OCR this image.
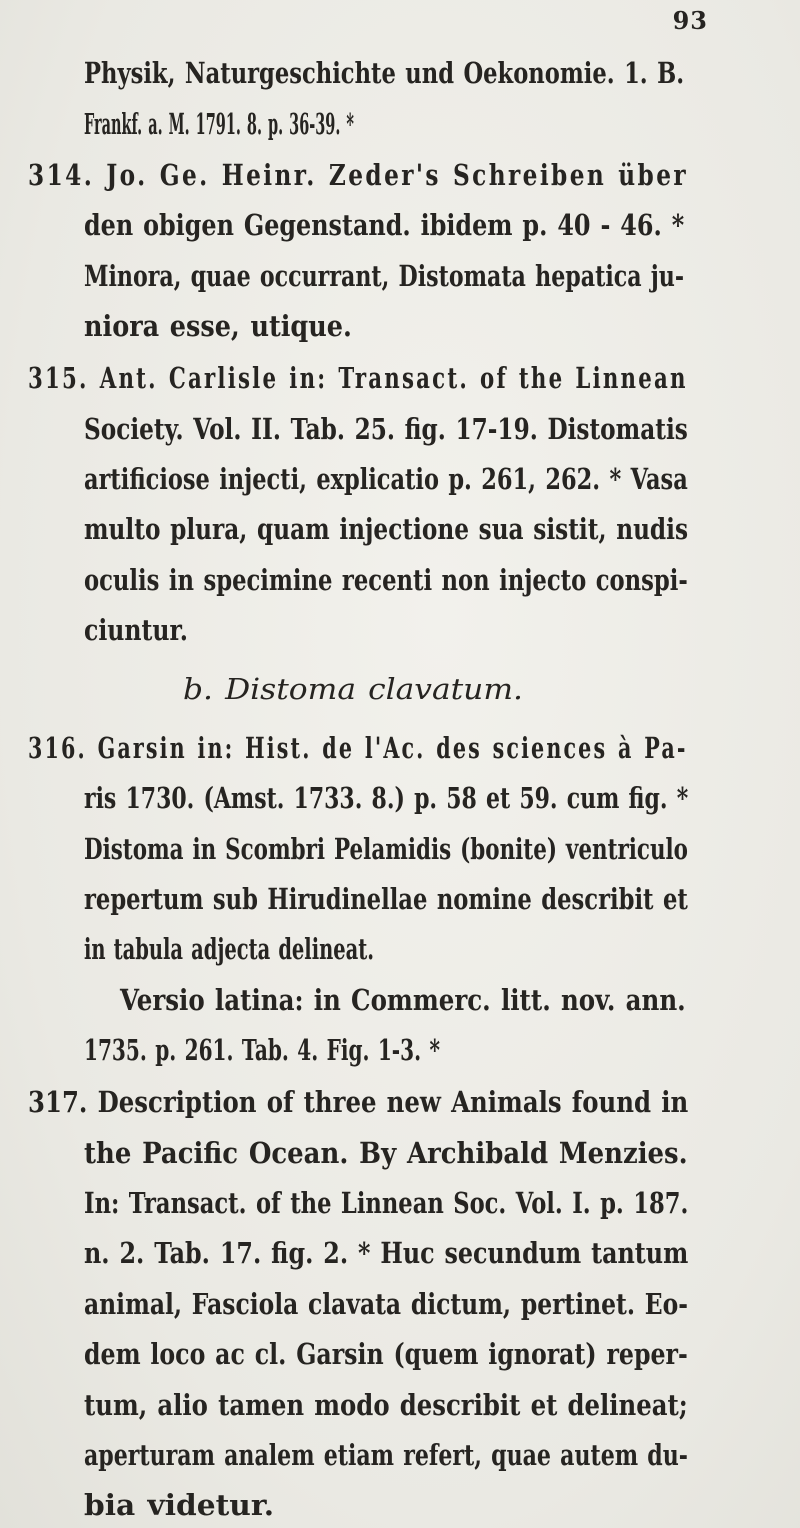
93
Physik, Naturgeschichte und Oekonomie. 1. B.
Frankf. a. M. 1791. 8. p. 36-39. *
314. Jo. Ge. Heinr. Zeder's Schreiben über
den obigen Gegenstand. ibidem p. 40 - 46. *
Minora, quae occurrant, Distomata hepatica ju-
niora esse, utique.
315. Ant. Carlisle in: Transact. of the Linnean
Society. Vol. II. Tab. 25. fig. 17-19. Distomatis
artificiose injecti, explicatio p. 261, 262. * Vasa
multo plura, quam injectione sua sistit, nudis
oculis in specimine recenti non injecto conspi-
ciuntur.
b. Distoma clavatum.
316. Garsin in: Hist. de l'Ac. des sciences à Pa-
ris 1730. (Amst. 1733. 8.) p. 58 et 59. cum fig. *
Distoma in Scombri Pelamidis (bonite) ventriculo
repertum sub Hirudinellae nomine describit et
in tabula adjecta delineat.
Versio latina: in Commerc. litt. nov. ann.
1735. p. 261. Tab. 4. Fig. 1-3. *
317. Description of three new Animals found in
the Pacific Ocean. By Archibald Menzies.
In: Transact. of the Linnean Soc. Vol. I. p. 187.
n. 2. Tab. 17. fig. 2. * Huc secundum tantum
animal, Fasciola clavata dictum, pertinet. Eo-
dem loco ac cl. Garsin (quem ignorat) reper-
tum, alio tamen modo describit et delineat;
aperturam analem etiam refert, quae autem du-
bia videtur.
